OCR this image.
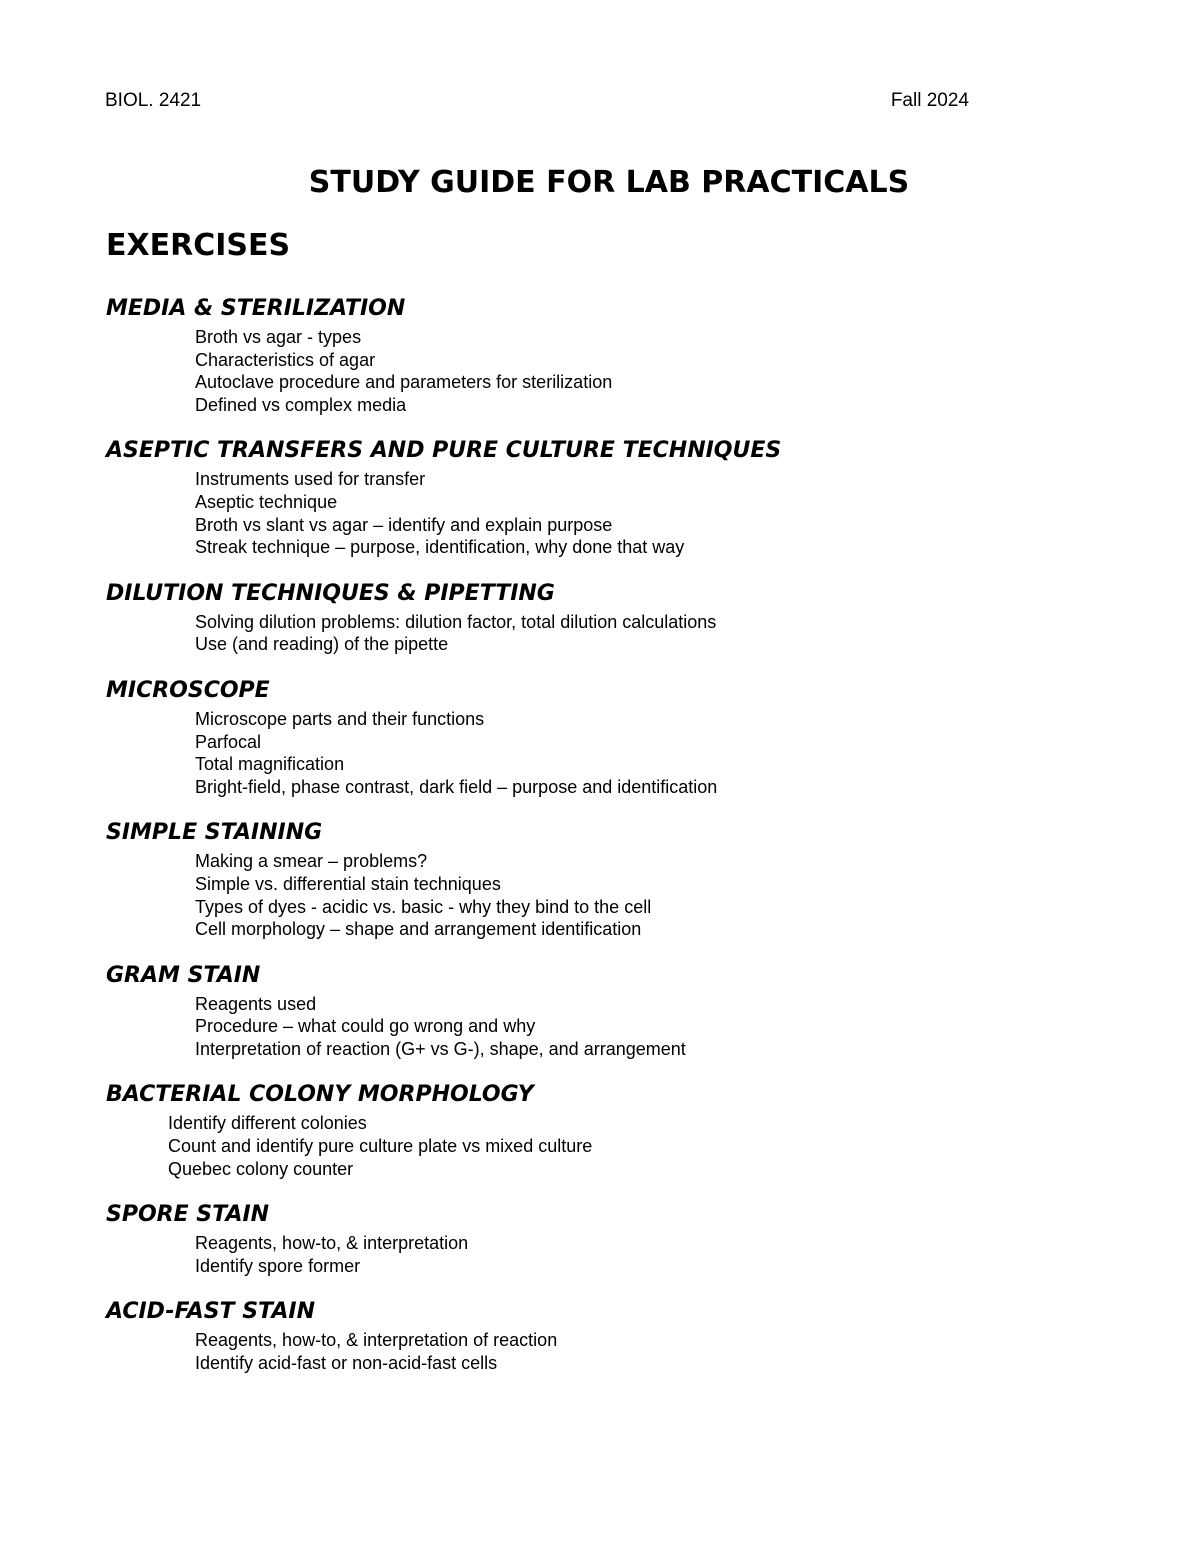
BIOL. 2421	Fall 2024
STUDY GUIDE FOR LAB PRACTICALS
EXERCISES
MEDIA & STERILIZATION
Broth vs agar - types
Characteristics of agar
Autoclave procedure and parameters for sterilization
Defined vs complex media
ASEPTIC TRANSFERS AND PURE CULTURE TECHNIQUES
Instruments used for transfer
Aseptic technique
Broth vs slant vs agar – identify and explain purpose
Streak technique – purpose, identification, why done that way
DILUTION TECHNIQUES & PIPETTING
Solving dilution problems: dilution factor, total dilution calculations
Use (and reading) of the pipette
MICROSCOPE
Microscope parts and their functions
Parfocal
Total magnification
Bright-field, phase contrast, dark field – purpose and identification
SIMPLE STAINING
Making a smear – problems?
Simple vs. differential stain techniques
Types of dyes - acidic vs. basic - why they bind to the cell
Cell morphology – shape and arrangement identification
GRAM STAIN
Reagents used
Procedure – what could go wrong and why
Interpretation of reaction (G+ vs G-), shape, and arrangement
BACTERIAL COLONY MORPHOLOGY
Identify different colonies
Count and identify pure culture plate vs mixed culture
Quebec colony counter
SPORE STAIN
Reagents, how-to, & interpretation
Identify spore former
ACID-FAST STAIN
Reagents, how-to, & interpretation of reaction
Identify acid-fast or non-acid-fast cells
